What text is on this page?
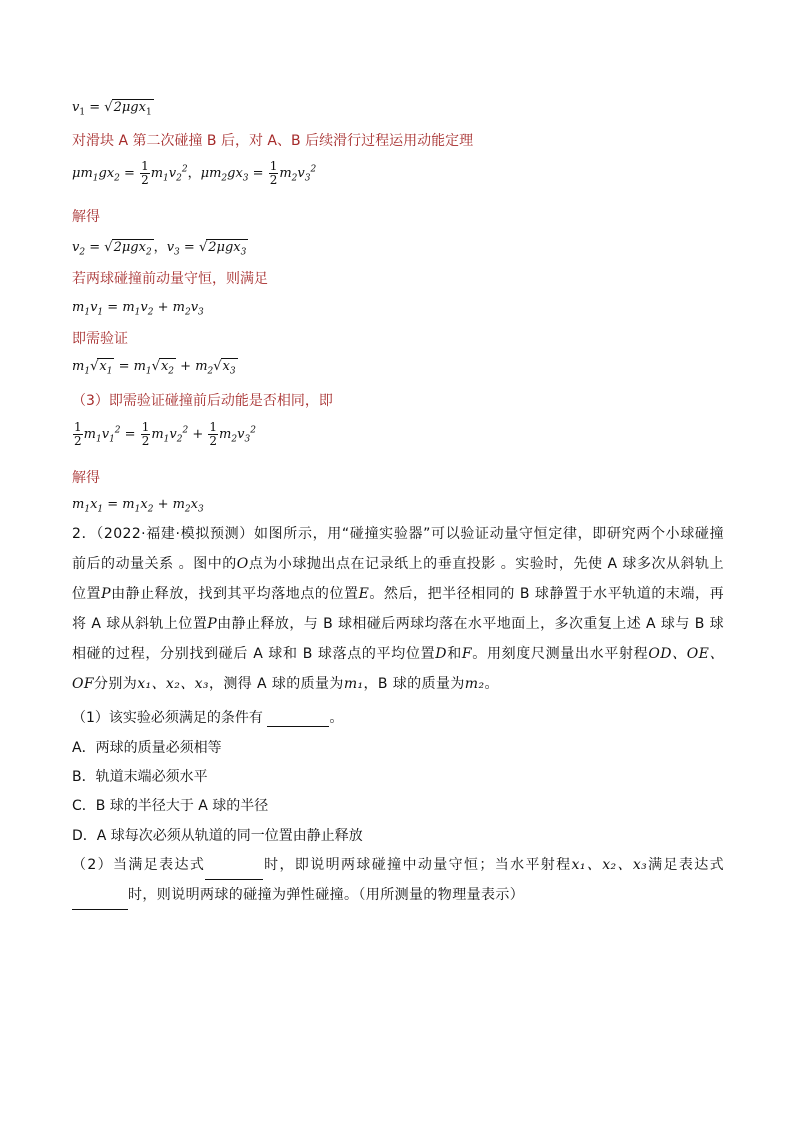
$v_1 = √2\mu gx_1$
对滑块 A 第二次碰撞 B 后，对 A、B 后续滑行过程运用动能定理
$\mu m_1gx_2 = \frac{1}{2} m_1v_2^2$，$\mu m_2gx_3 = \frac{1}{2} m_2v_3^2$
解得
$v_2 = √2\mu gx_2$ ，$v_3 = √2\mu gx_3$
若两球碰撞前动量守恒，则满足
$m_1v_1 = m_1v_2 + m_2v_3$
即需验证
$m_1√x_1 = m_1√x_2 + m_2√x_3$
（3）即需验证碰撞前后动能是否相同，即
$\frac{1}{2} m_1v_1^2 = \frac{1}{2} m_1v_2^2 + \frac{1}{2} m_2v_3^2$
解得
$m_1x_1 = m_1x_2 + m_2x_3$
2．（2022·福建·模拟预测）如图所示，用“碰撞实验器”可以验证动量守恒定律，即研究两个小球碰撞前后的动量关系 。图中的O点为小球抛出点在记录纸上的垂直投影 。实验时，先使 A 球多次从斜轨上位置P由静止释放，找到其平均落地点的位置E。然后，把半径相同的 B 球静置于水平轨道的末端，再将 A 球从斜轨上位置P由静止释放，与 B 球相碰后两球均落在水平地面上，多次重复上述 A 球与 B 球相碰的过程，分别找到碰后 A 球和 B 球落点的平均位置D和F。用刻度尺测量出水平射程OD、OE、OF分别为x₁、x₂、x₃，测得 A 球的质量为m₁，B 球的质量为m₂。
（1）该实验必须满足的条件有	。
A．两球的质量必须相等
B．轨道末端必须水平
C．B 球的半径大于 A 球的半径
D．A 球每次必须从轨道的同一位置由静止释放
（2）当满足表达式	时，即说明两球碰撞中动量守恒；当水平射程x₁、x₂、x₃满足表达式时，则说明两球的碰撞为弹性碰撞。（用所测量的物理量表示）
